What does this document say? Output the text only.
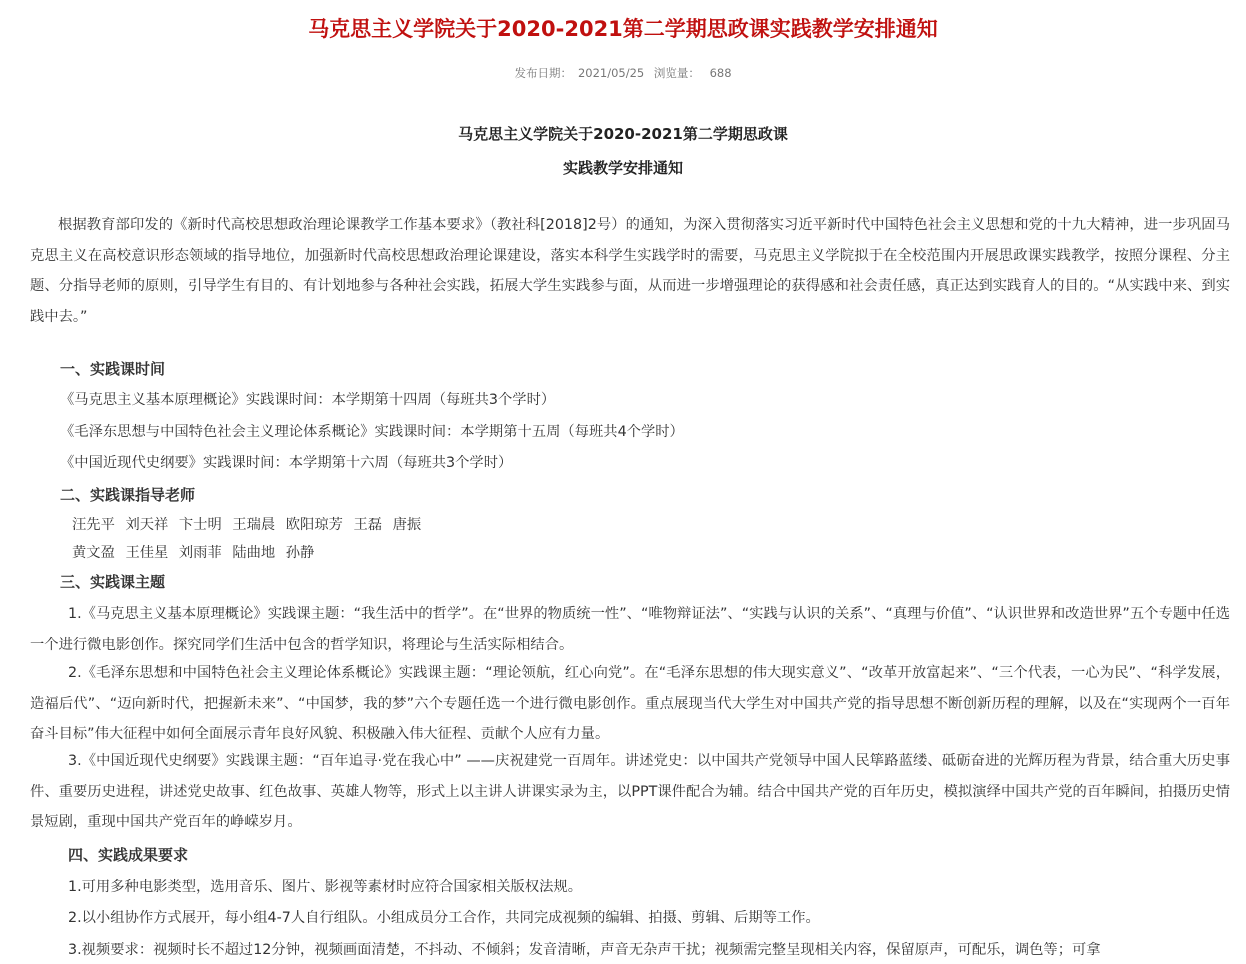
马克思主义学院关于2020-2021第二学期思政课实践教学安排通知
发布日期： 2021/05/25 浏览量： 688
马克思主义学院关于2020-2021第二学期思政课
实践教学安排通知

根据教育部印发的《新时代高校思想政治理论课教学工作基本要求》（教社科[2018]2号）的通知，为深入贯彻落实习近平新时代中国特色社会主义思想和党的十九大精神，进一步巩固马克思主义在高校意识形态领域的指导地位，加强新时代高校思想政治理论课建设，落实本科学生实践学时的需要，马克思主义学院拟于在全校范围内开展思政课实践教学，按照分课程、分主题、分指导老师的原则，引导学生有目的、有计划地参与各种社会实践，拓展大学生实践参与面，从而进一步增强理论的获得感和社会责任感，真正达到实践育人的目的。“从实践中来、到实践中去。”

一、实践课时间
《马克思主义基本原理概论》实践课时间：本学期第十四周（每班共3个学时）
《毛泽东思想与中国特色社会主义理论体系概论》实践课时间：本学期第十五周（每班共4个学时）
《中国近现代史纲要》实践课时间：本学期第十六周（每班共3个学时）
二、实践课指导老师
汪先平 刘天祥 卞士明 王瑞晨 欧阳琼芳 王磊 唐振
黄文盈 王佳星 刘雨菲 陆曲地 孙静
三、实践课主题

1.《马克思主义基本原理概论》实践课主题：“我生活中的哲学”。在“世界的物质统一性”、“唯物辩证法”、“实践与认识的关系”、“真理与价值”、“认识世界和改造世界”五个专题中任选一个进行微电影创作。探究同学们生活中包含的哲学知识，将理论与生活实际相结合。

2.《毛泽东思想和中国特色社会主义理论体系概论》实践课主题：“理论领航，红心向党”。在“毛泽东思想的伟大现实意义”、“改革开放富起来”、“三个代表，一心为民”、“科学发展，造福后代”、“迈向新时代，把握新未来”、“中国梦，我的梦”六个专题任选一个进行微电影创作。重点展现当代大学生对中国共产党的指导思想不断创新历程的理解，以及在“实现两个一百年奋斗目标”伟大征程中如何全面展示青年良好风貌、积极融入伟大征程、贡献个人应有力量。

3.《中国近现代史纲要》实践课主题：“百年追寻·党在我心中” ——庆祝建党一百周年。讲述党史：以中国共产党领导中国人民筚路蓝缕、砥砺奋进的光辉历程为背景，结合重大历史事件、重要历史进程，讲述党史故事、红色故事、英雄人物等，形式上以主讲人讲课实录为主，以PPT课件配合为辅。结合中国共产党的百年历史，模拟演绎中国共产党的百年瞬间，拍摄历史情景短剧，重现中国共产党百年的峥嵘岁月。

四、实践成果要求
1.可用多种电影类型，选用音乐、图片、影视等素材时应符合国家相关版权法规。
2.以小组协作方式展开，每小组4-7人自行组队。小组成员分工合作，共同完成视频的编辑、拍摄、剪辑、后期等工作。
3.视频要求：视频时长不超过12分钟，视频画面清楚，不抖动、不倾斜；发音清晰，声音无杂声干扰；视频需完整呈现相关内容，保留原声，可配乐，调色等；可拿
